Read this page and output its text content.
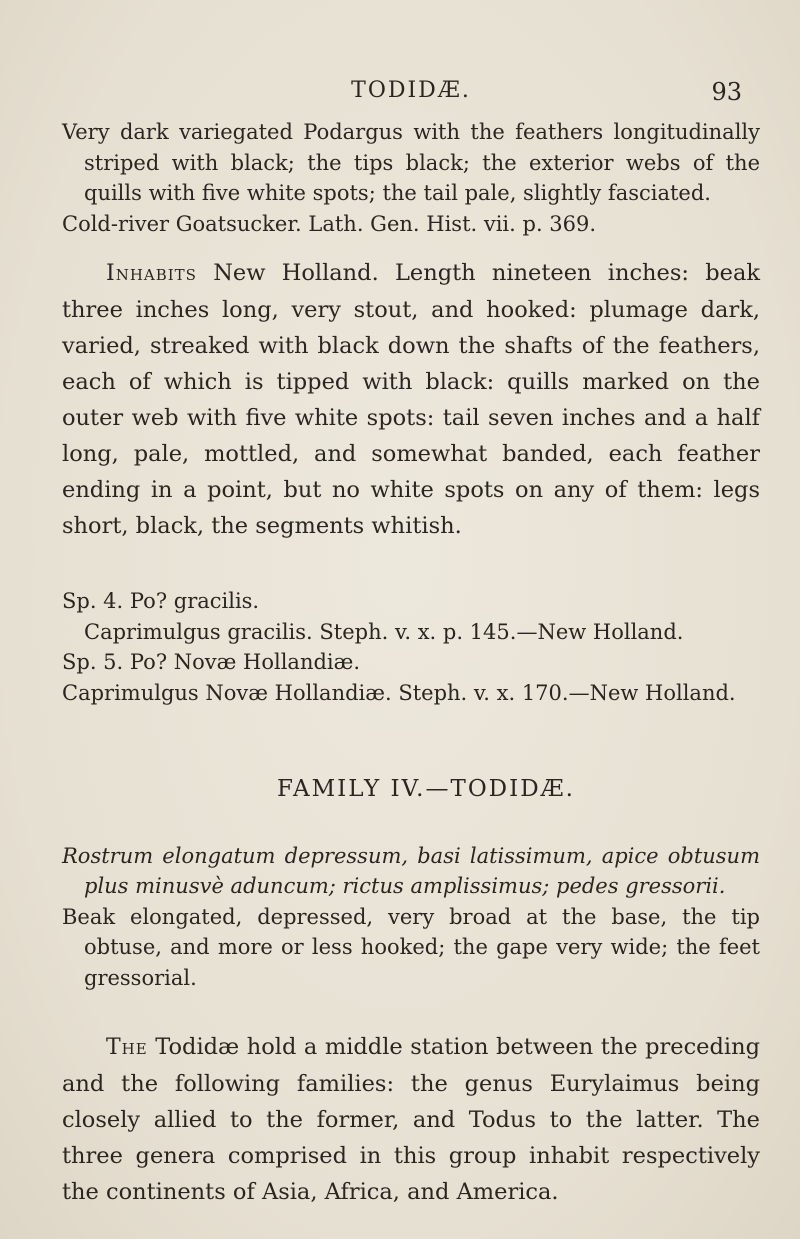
TODIDÆ.	93

Very dark variegated Podargus with the feathers longitudinally striped with black; the tips black; the exterior webs of the quills with five white spots; the tail pale, slightly fasciated.

Cold-river Goatsucker. Lath. Gen. Hist. vii. p. 369.

Inhabits New Holland. Length nineteen inches: beak three inches long, very stout, and hooked: plumage dark, varied, streaked with black down the shafts of the feathers, each of which is tipped with black: quills marked on the outer web with five white spots: tail seven inches and a half long, pale, mottled, and somewhat banded, each feather ending in a point, but no white spots on any of them: legs short, black, the segments whitish.

Sp. 4. Po? gracilis.

Caprimulgus gracilis. Steph. v. x. p. 145.—New Holland.

Sp. 5. Po? Novæ Hollandiæ.

Caprimulgus Novæ Hollandiæ. Steph. v. x. 170.—New Holland.

FAMILY IV.—TODIDÆ.

Rostrum elongatum depressum, basi latissimum, apice obtusum plus minusvè aduncum; rictus amplissimus; pedes gressorii.

Beak elongated, depressed, very broad at the base, the tip obtuse, and more or less hooked; the gape very wide; the feet gressorial.

The Todidæ hold a middle station between the preceding and the following families: the genus Eurylaimus being closely allied to the former, and Todus to the latter. The three genera comprised in this group inhabit respectively the continents of Asia, Africa, and America.
